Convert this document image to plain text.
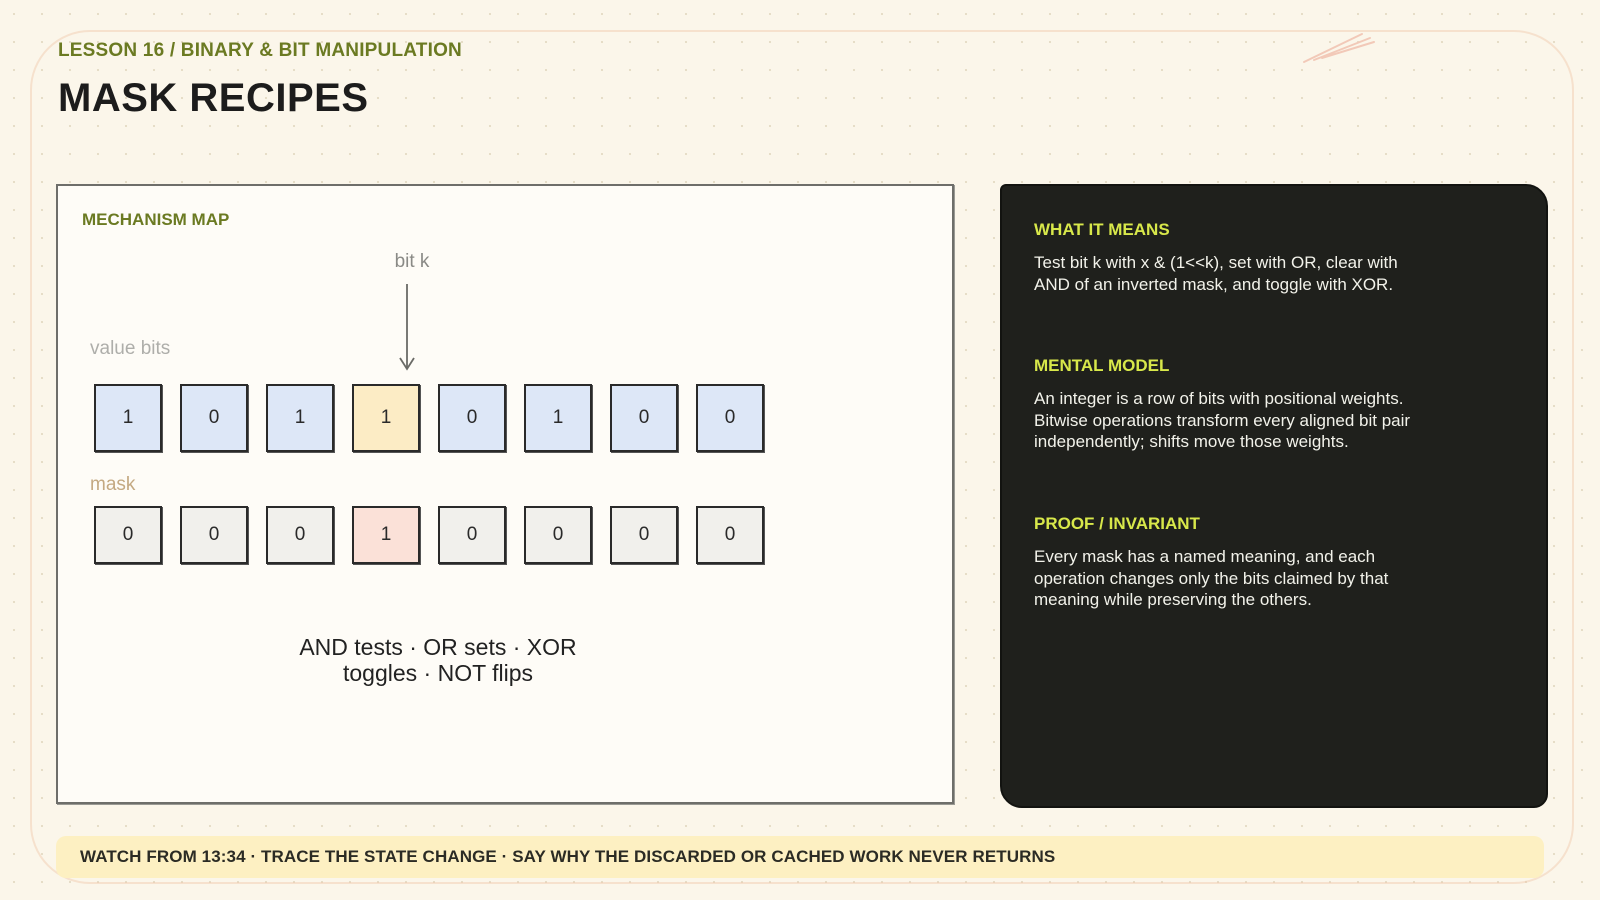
LESSON 16 / BINARY & BIT MANIPULATION
MASK RECIPES
MECHANISM MAP
bit k
value bits
mask
1	0	1	1	0	1	0	0
0	0	0	1	0	0	0	0
AND tests · OR sets · XOR
toggles · NOT flips
WHAT IT MEANS

Test bit k with x & (1<<k), set with OR, clear with AND of an inverted mask, and toggle with XOR.

MENTAL MODEL

An integer is a row of bits with positional weights. Bitwise operations transform every aligned bit pair independently; shifts move those weights.

PROOF / INVARIANT

Every mask has a named meaning, and each operation changes only the bits claimed by that meaning while preserving the others.

WATCH FROM 13:34 · TRACE THE STATE CHANGE · SAY WHY THE DISCARDED OR CACHED WORK NEVER RETURNS
